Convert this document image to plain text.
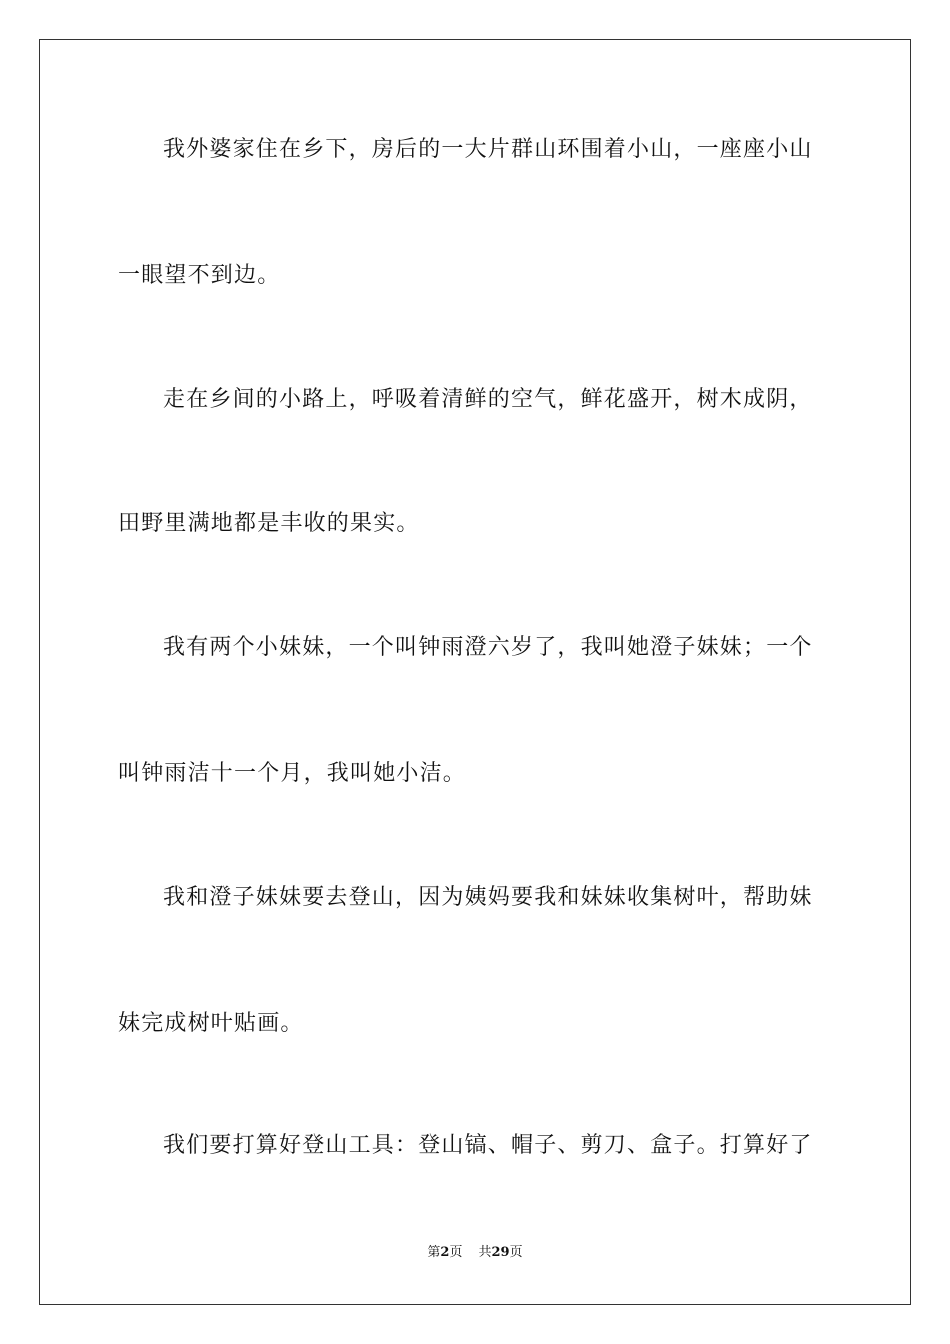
我外婆家住在乡下，房后的一大片群山环围着小山，一座座小山
一眼望不到边。
走在乡间的小路上，呼吸着清鲜的空气，鲜花盛开，树木成阴，
田野里满地都是丰收的果实。
我有两个小妹妹，一个叫钟雨澄六岁了，我叫她澄子妹妹；一个
叫钟雨洁十一个月，我叫她小洁。
我和澄子妹妹要去登山，因为姨妈要我和妹妹收集树叶，帮助妹
妹完成树叶贴画。
我们要打算好登山工具：登山镐、帽子、剪刀、盒子。打算好了
第2页 共29页
